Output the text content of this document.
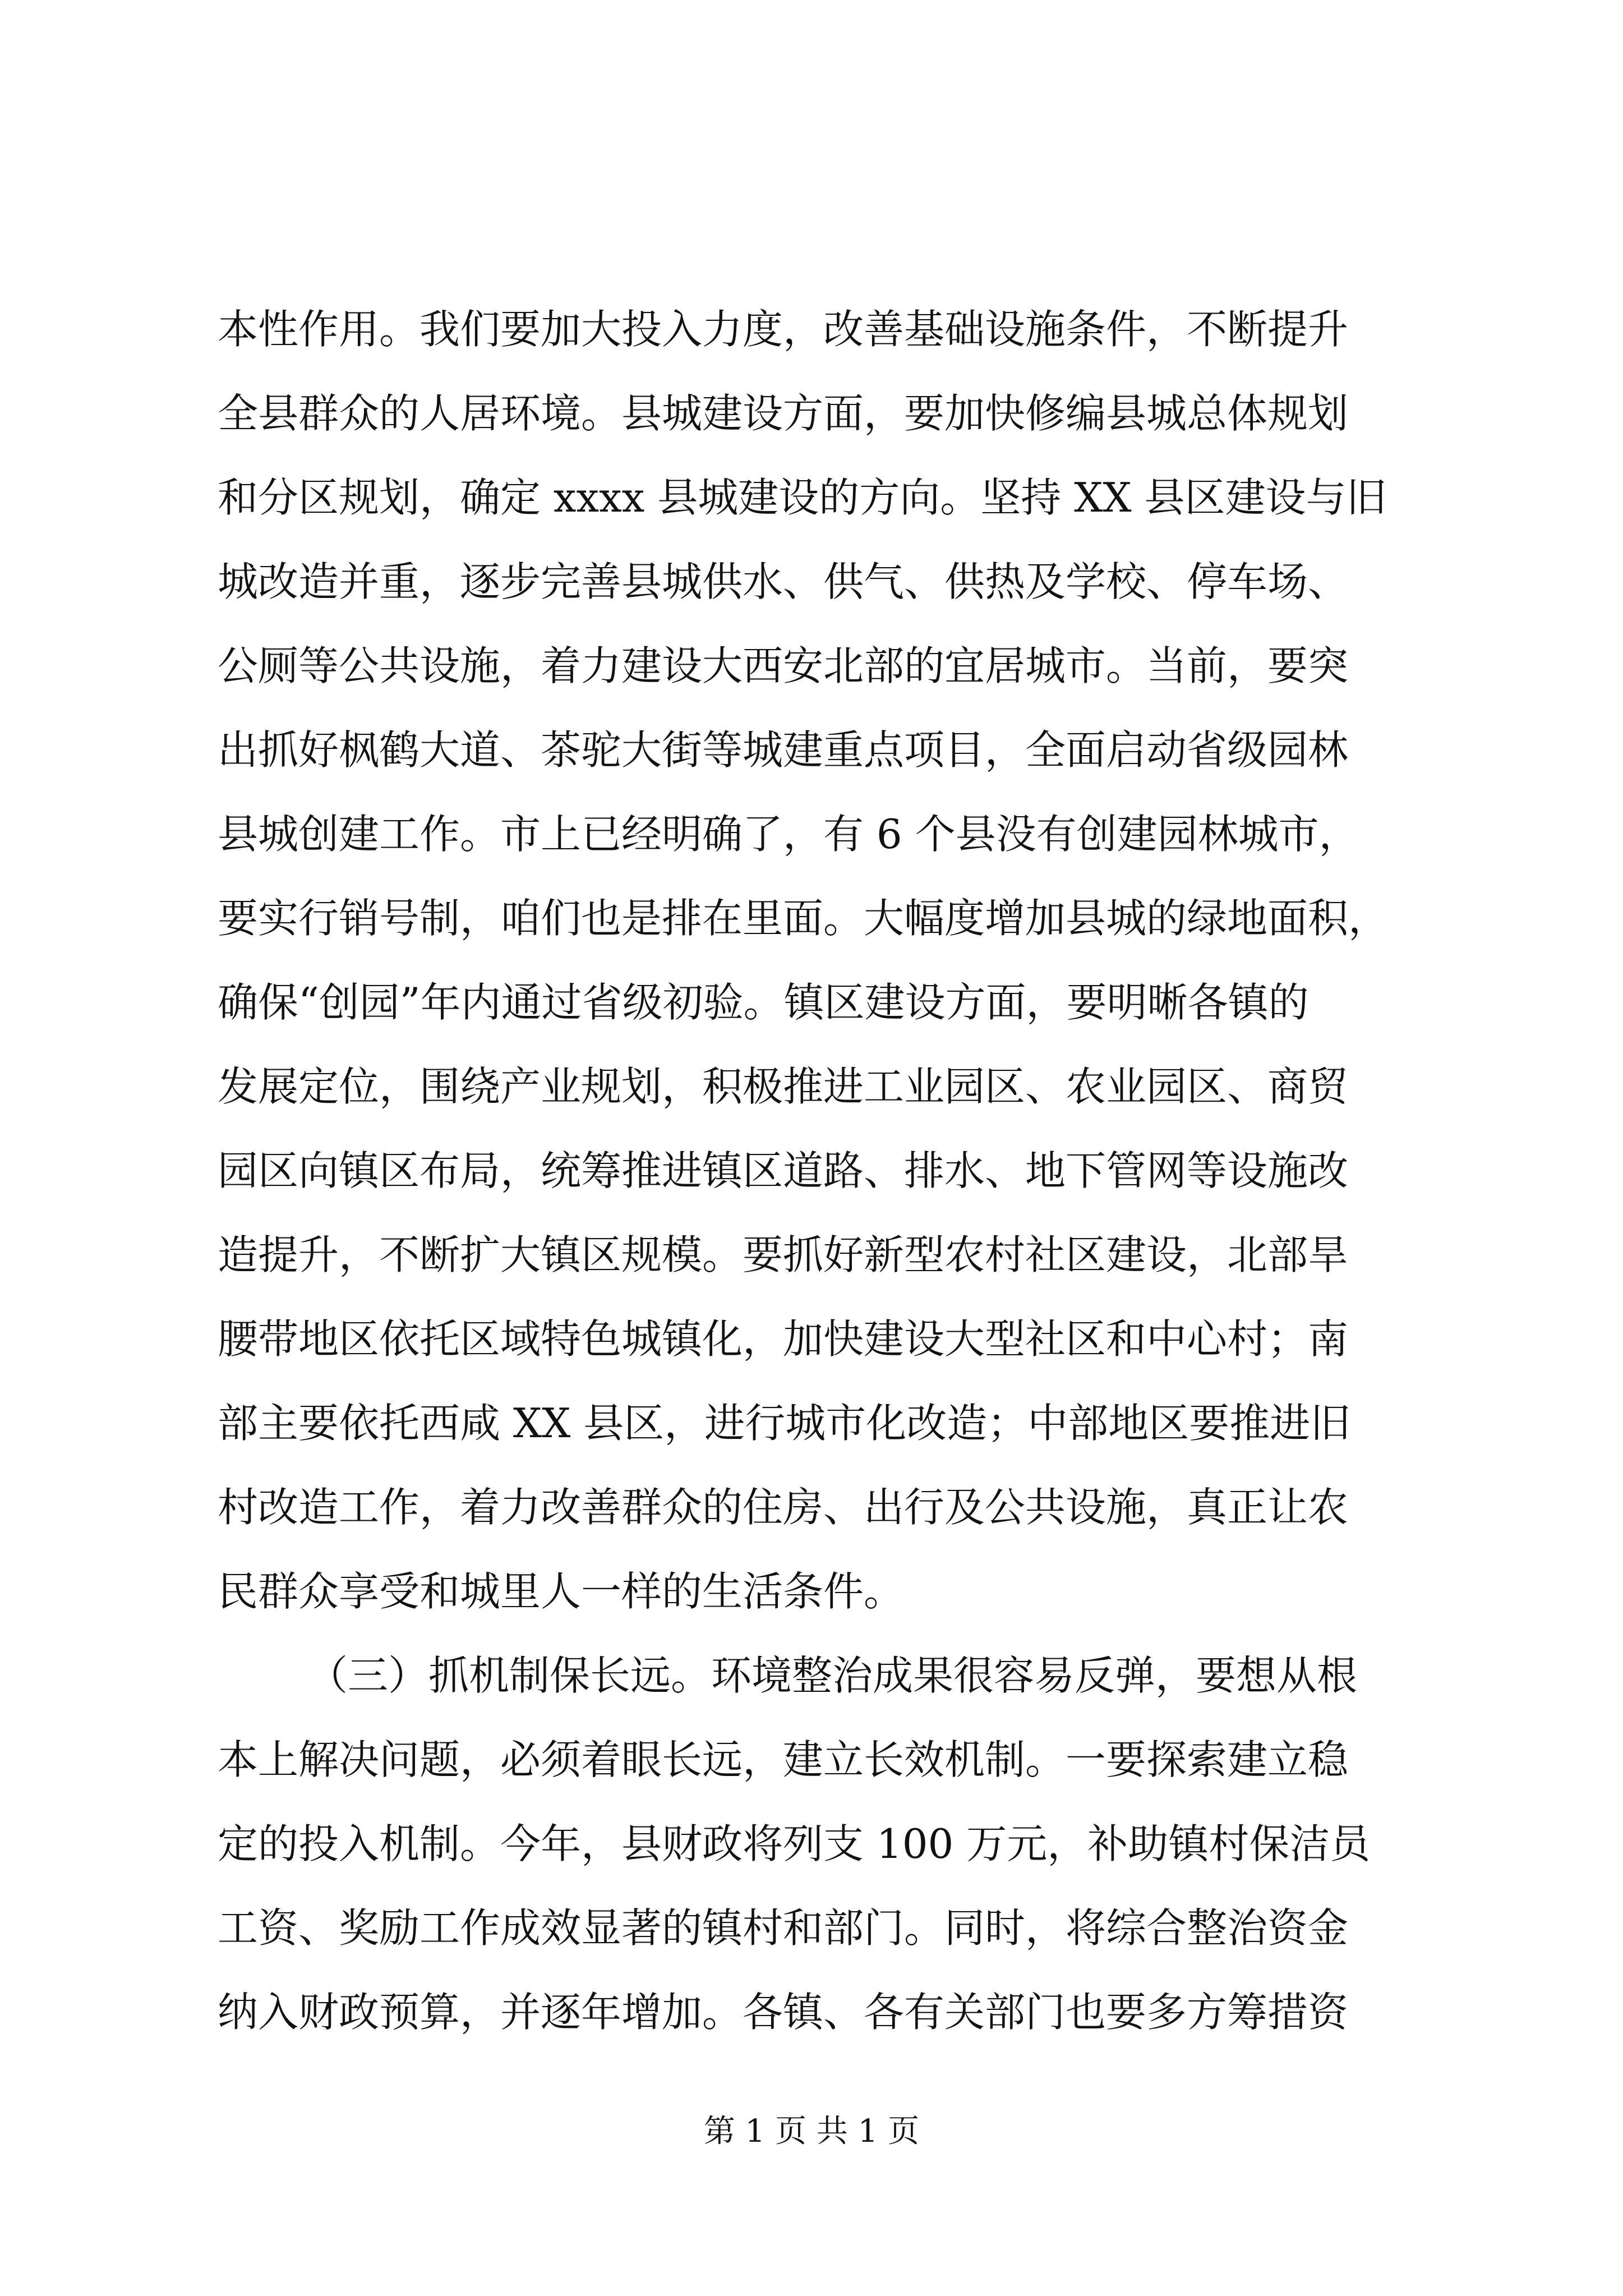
本性作用。我们要加大投入力度，改善基础设施条件，不断提升
全县群众的人居环境。县城建设方面，要加快修编县城总体规划
和分区规划，确定 xxxx 县城建设的方向。坚持 XX 县区建设与旧
城改造并重，逐步完善县城供水、供气、供热及学校、停车场、
公厕等公共设施，着力建设大西安北部的宜居城市。当前，要突
出抓好枫鹤大道、茶驼大街等城建重点项目，全面启动省级园林
县城创建工作。市上已经明确了，有 6 个县没有创建园林城市，
要实行销号制，咱们也是排在里面。大幅度增加县城的绿地面积，
确保“创园”年内通过省级初验。镇区建设方面，要明晰各镇的
发展定位，围绕产业规划，积极推进工业园区、农业园区、商贸
园区向镇区布局，统筹推进镇区道路、排水、地下管网等设施改
造提升，不断扩大镇区规模。要抓好新型农村社区建设，北部旱
腰带地区依托区域特色城镇化，加快建设大型社区和中心村；南
部主要依托西咸 XX 县区，进行城市化改造；中部地区要推进旧
村改造工作，着力改善群众的住房、出行及公共设施，真正让农
民群众享受和城里人一样的生活条件。
（三）抓机制保长远。环境整治成果很容易反弹，要想从根
本上解决问题，必须着眼长远，建立长效机制。一要探索建立稳
定的投入机制。今年，县财政将列支 100 万元，补助镇村保洁员
工资、奖励工作成效显著的镇村和部门。同时，将综合整治资金
纳入财政预算，并逐年增加。各镇、各有关部门也要多方筹措资
第 1 页 共 1 页
